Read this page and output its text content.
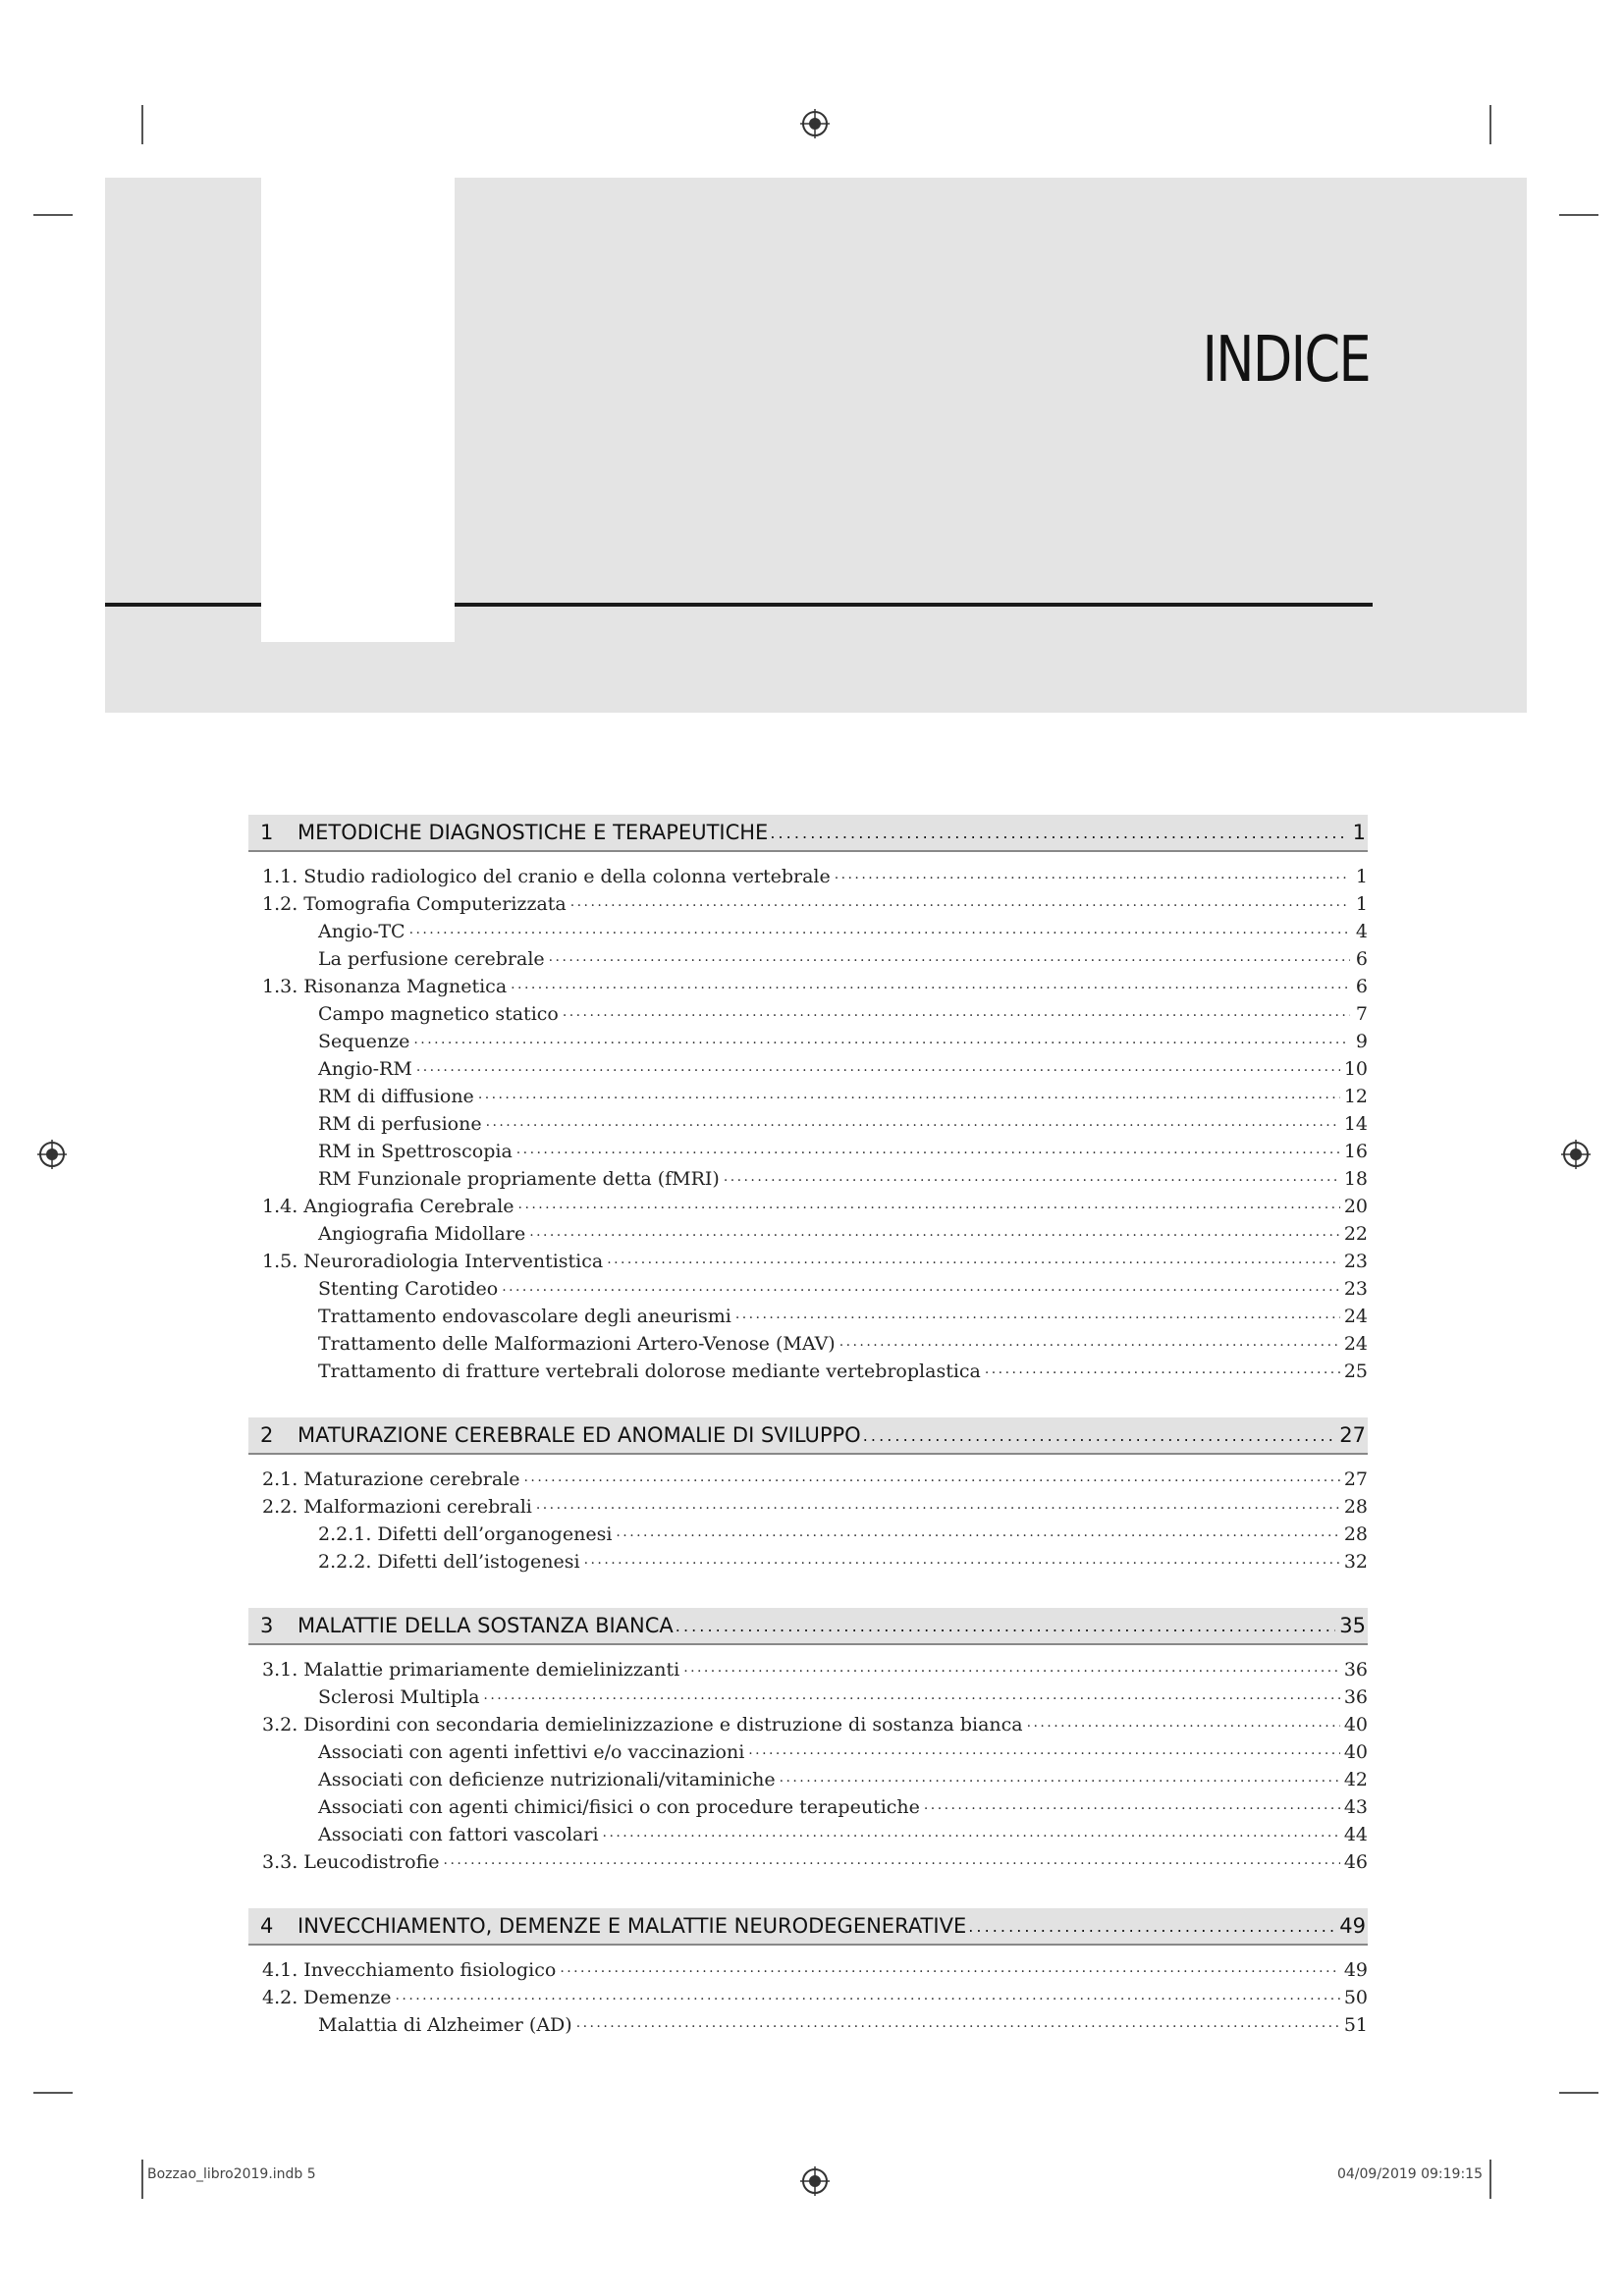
INDICE
1	METODICHE DIAGNOSTICHE E TERAPEUTICHE . . .	1
1.1. Studio radiologico del cranio e della colonna vertebrale . . .	1
1.2. Tomografia Computerizzata . . .	1
Angio-TC . . .	4
La perfusione cerebrale . . .	6
1.3. Risonanza Magnetica . . .	6
Campo magnetico statico . . .	7
Sequenze . . .	9
Angio-RM . . .	10
RM di diffusione . . .	12
RM di perfusione . . .	14
RM in Spettroscopia . . .	16
RM Funzionale propriamente detta (fMRI) . . .	18
1.4. Angiografia Cerebrale . . .	20
Angiografia Midollare . . .	22
1.5. Neuroradiologia Interventistica . . .	23
Stenting Carotideo . . .	23
Trattamento endovascolare degli aneurismi . . .	24
Trattamento delle Malformazioni Artero-Venose (MAV) . . .	24
Trattamento di fratture vertebrali dolorose mediante vertebroplastica . . .	25
2	MATURAZIONE CEREBRALE ED ANOMALIE DI SVILUPPO . . .	27
2.1. Maturazione cerebrale . . .	27
2.2. Malformazioni cerebrali . . .	28
2.2.1. Difetti dell’organogenesi . . .	28
2.2.2. Difetti dell’istogenesi . . .	32
3	MALATTIE DELLA SOSTANZA BIANCA . . .	35
3.1. Malattie primariamente demielinizzanti . . .	36
Sclerosi Multipla . . .	36
3.2. Disordini con secondaria demielinizzazione e distruzione di sostanza bianca . . .	40
Associati con agenti infettivi e/o vaccinazioni . . .	40
Associati con deficienze nutrizionali/vitaminiche . . .	42
Associati con agenti chimici/fisici o con procedure terapeutiche . . .	43
Associati con fattori vascolari . . .	44
3.3. Leucodistrofie . . .	46
4	INVECCHIAMENTO, DEMENZE E MALATTIE NEURODEGENERATIVE . . .	49
4.1. Invecchiamento fisiologico . . .	49
4.2. Demenze . . .	50
Malattia di Alzheimer (AD) . . .	51
Bozzao_libro2019.indb 5	04/09/2019 09:19:15
